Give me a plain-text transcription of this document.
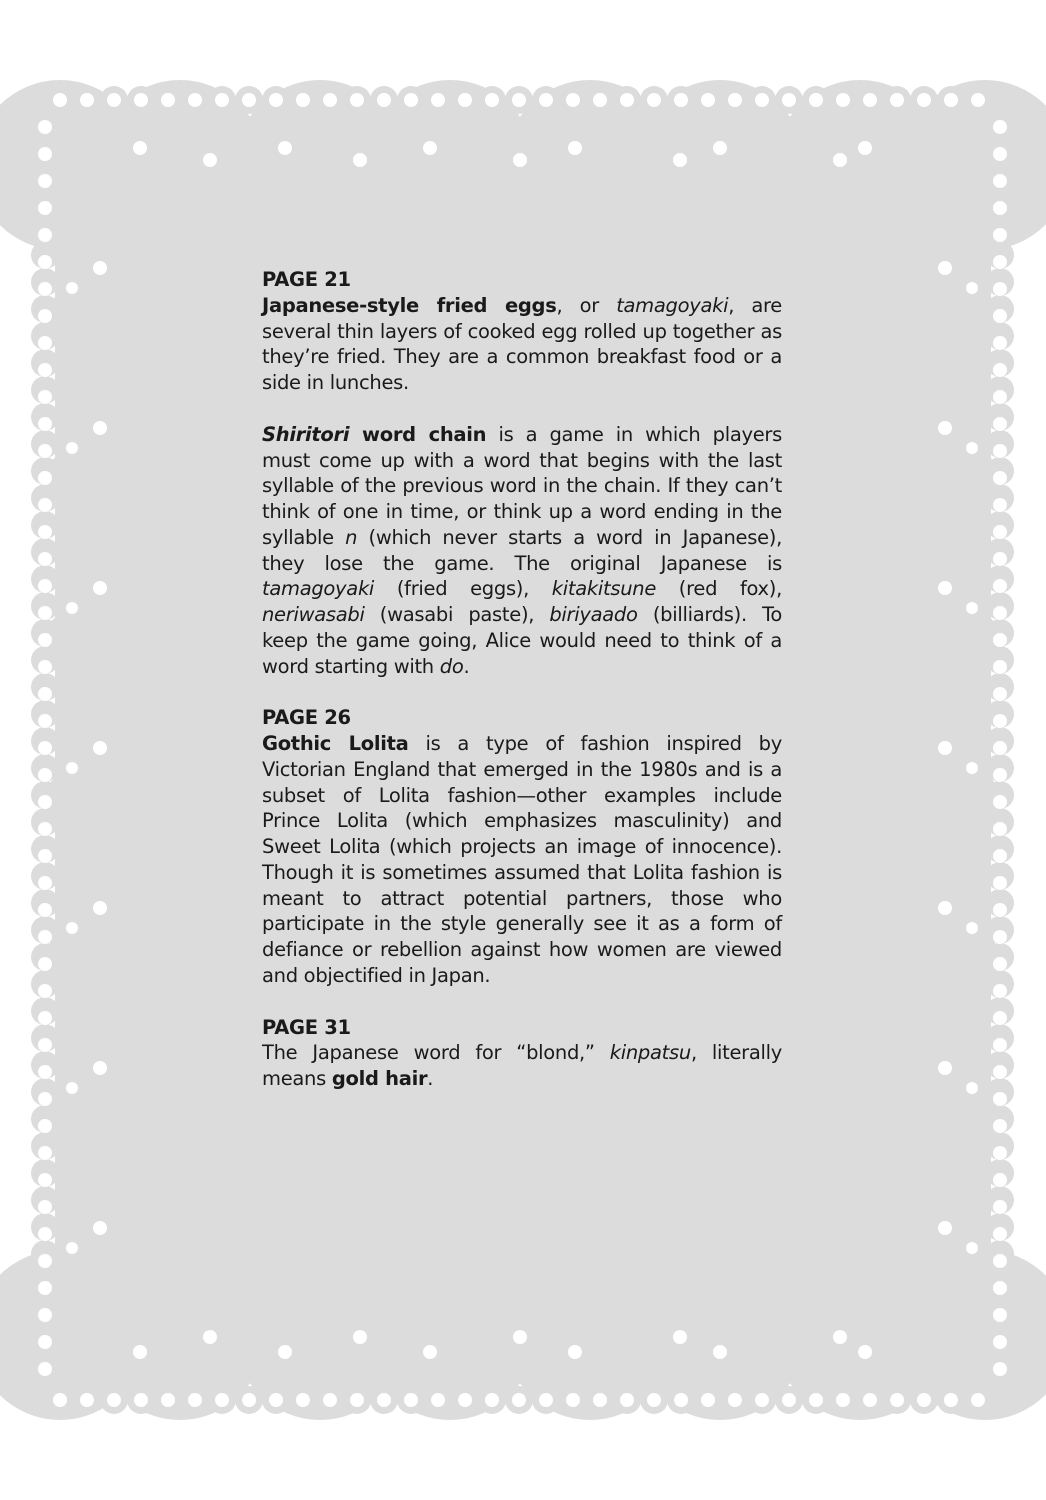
PAGE 21

Japanese-style fried eggs, or tamagoyaki, are several thin layers of cooked egg rolled up together as they’re fried. They are a common breakfast food or a side in lunches.

Shiritori word chain is a game in which players must come up with a word that begins with the last syllable of the previous word in the chain. If they can’t think of one in time, or think up a word ending in the syllable n (which never starts a word in Japanese), they lose the game. The original Japanese is tamagoyaki (fried eggs), kitakitsune (red fox), neriwasabi (wasabi paste), biriyaado (billiards). To keep the game going, Alice would need to think of a word starting with do.

PAGE 26

Gothic Lolita is a type of fashion inspired by Victorian England that emerged in the 1980s and is a subset of Lolita fashion—other examples include Prince Lolita (which emphasizes masculinity) and Sweet Lolita (which projects an image of innocence). Though it is sometimes assumed that Lolita fashion is meant to attract potential partners, those who participate in the style generally see it as a form of defiance or rebellion against how women are viewed and objectified in Japan.

PAGE 31

The Japanese word for “blond,” kinpatsu, literally means gold hair.
